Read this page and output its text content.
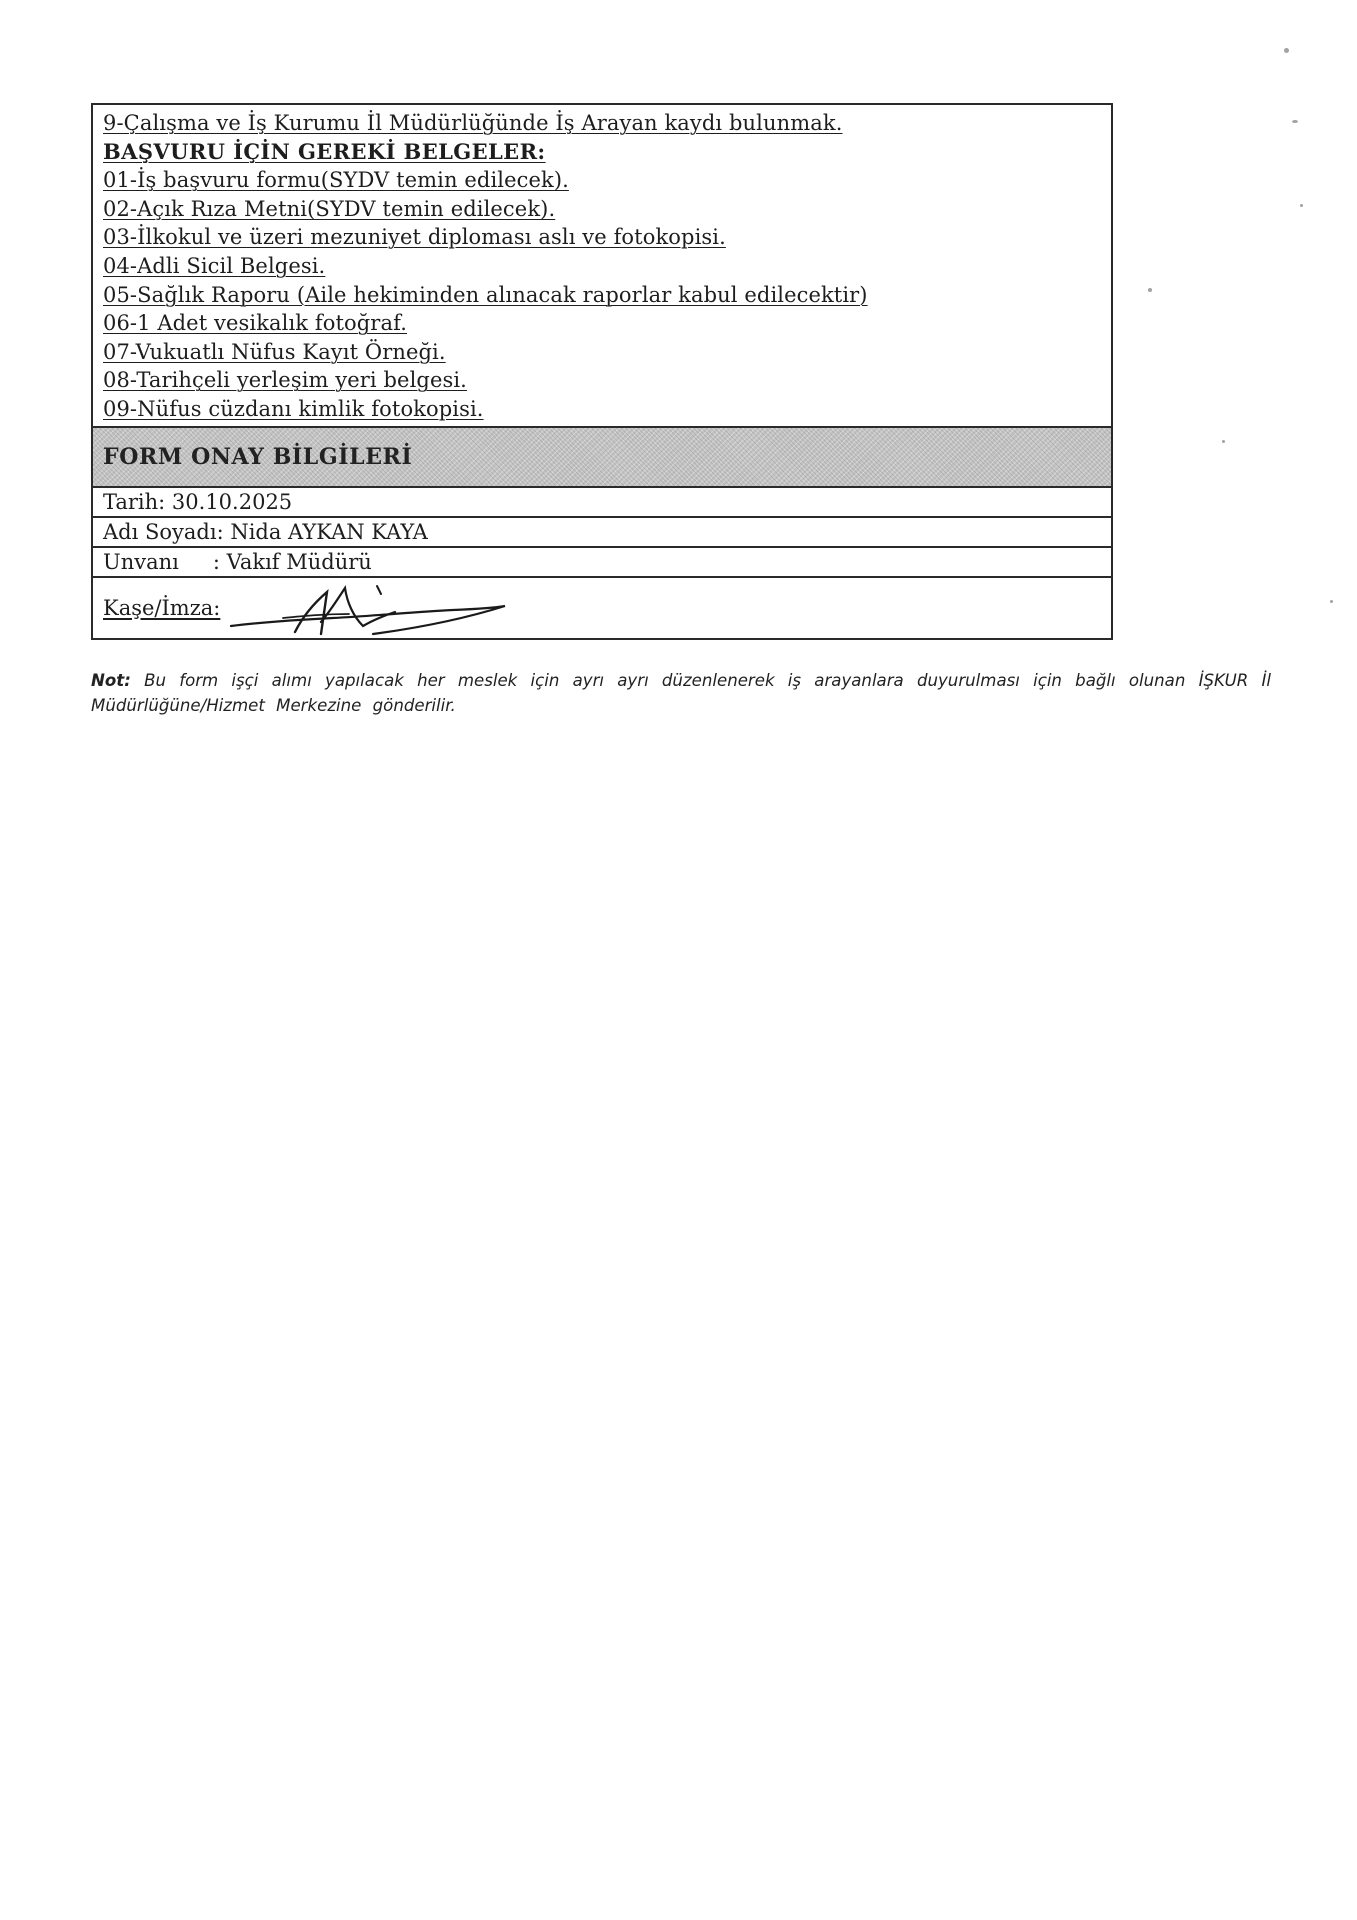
9-Çalışma ve İş Kurumu İl Müdürlüğünde İş Arayan kaydı bulunmak.
BAŞVURU İÇİN GEREKİ BELGELER:
01-İş başvuru formu(SYDV temin edilecek).
02-Açık Rıza Metni(SYDV temin edilecek).
03-İlkokul ve üzeri mezuniyet diploması aslı ve fotokopisi.
04-Adli Sicil Belgesi.
05-Sağlık Raporu (Aile hekiminden alınacak raporlar kabul edilecektir)
06-1 Adet vesikalık fotoğraf.
07-Vukuatlı Nüfus Kayıt Örneği.
08-Tarihçeli yerleşim yeri belgesi.
09-Nüfus cüzdanı kimlik fotokopisi.
FORM ONAY BİLGİLERİ
Tarih: 30.10.2025
Adı Soyadı: Nida AYKAN KAYA
Unvanı : Vakıf Müdürü
Kaşe/İmza:
Not: Bu form işçi alımı yapılacak her meslek için ayrı ayrı düzenlenerek iş arayanlara duyurulması için bağlı olunan İŞKUR İl Müdürlüğüne/Hizmet Merkezine gönderilir.
